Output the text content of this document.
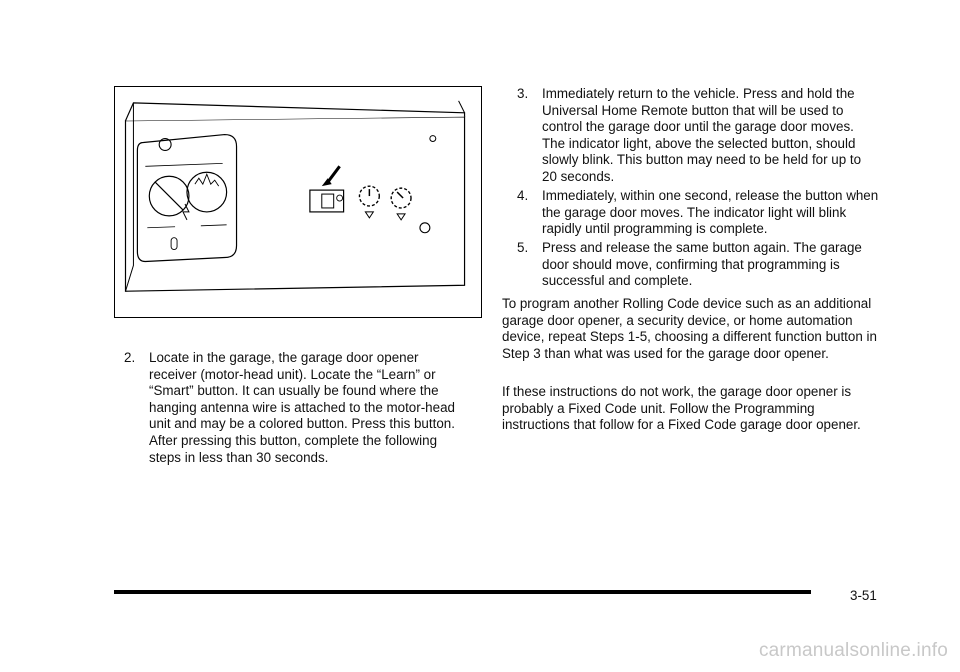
2. Locate in the garage, the garage door opener receiver (motor-head unit). Locate the “Learn” or “Smart” button. It can usually be found where the hanging antenna wire is attached to the motor-head unit and may be a colored button. Press this button. After pressing this button, complete the following steps in less than 30 seconds.
3. Immediately return to the vehicle. Press and hold the Universal Home Remote button that will be used to control the garage door until the garage door moves. The indicator light, above the selected button, should slowly blink. This button may need to be held for up to 20 seconds.
4. Immediately, within one second, release the button when the garage door moves. The indicator light will blink rapidly until programming is complete.
5. Press and release the same button again. The garage door should move, confirming that programming is successful and complete.
To program another Rolling Code device such as an additional garage door opener, a security device, or home automation device, repeat Steps 1-5, choosing a different function button in Step 3 than what was used for the garage door opener.
If these instructions do not work, the garage door opener is probably a Fixed Code unit. Follow the Programming instructions that follow for a Fixed Code garage door opener.
3-51
carmanualsonline.info
